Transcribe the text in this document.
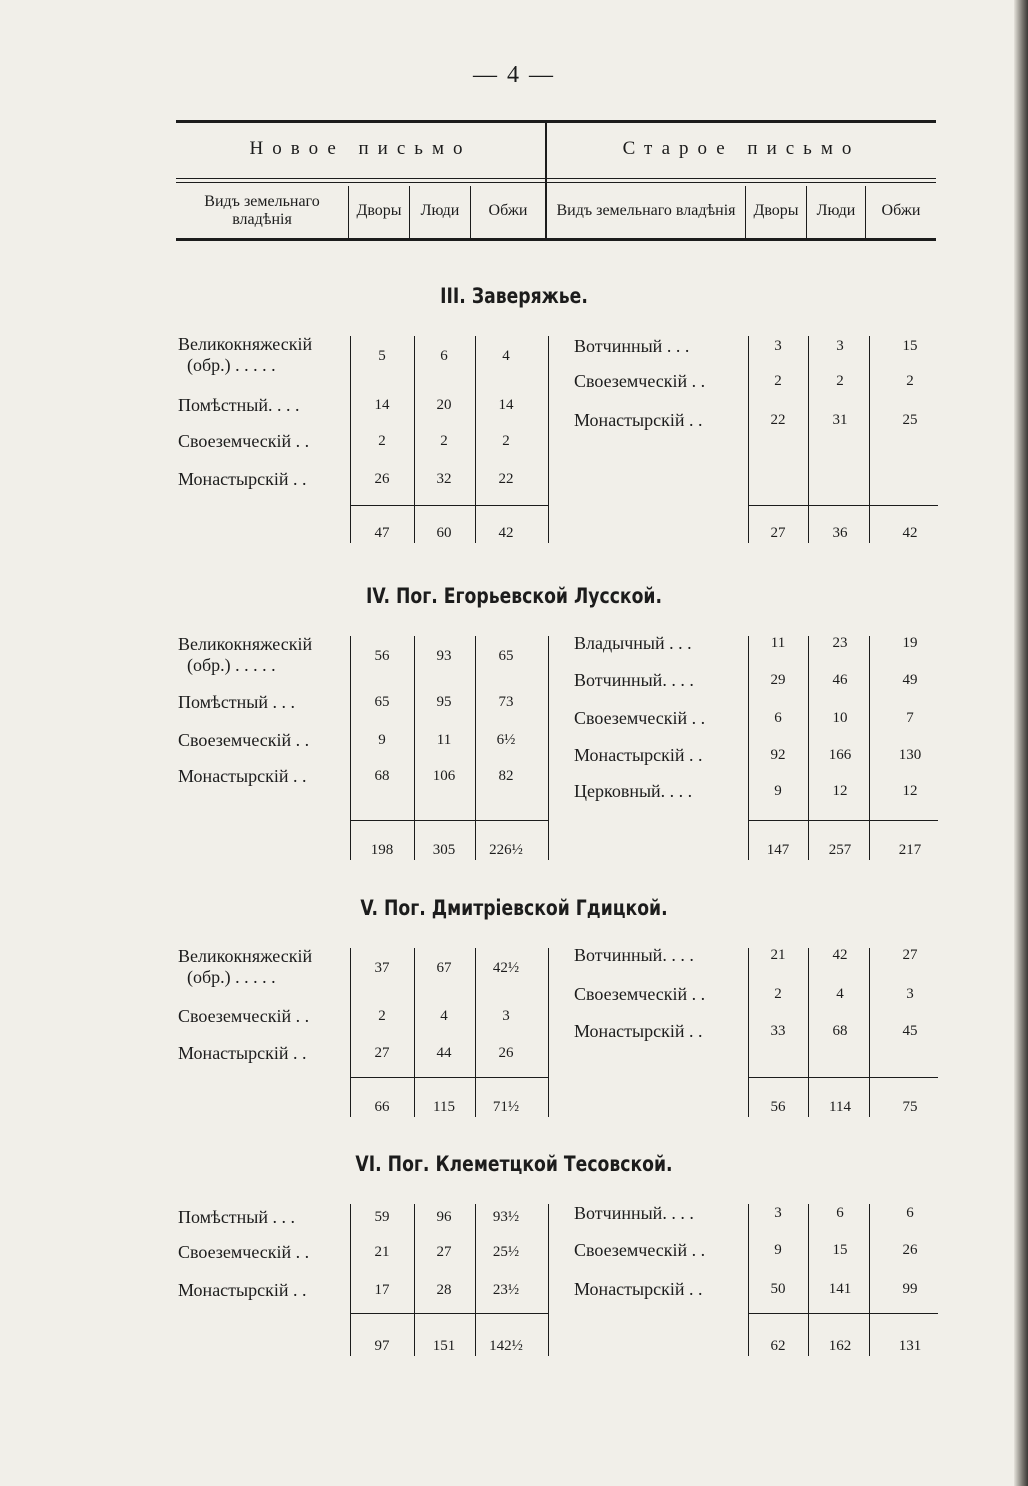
— 4 —
Новое письмо	Старое письмо
Видъ земельнаго владѣнія
Дворы	Люди	Обжи	Видъ земельнаго владѣнія	Дворы	Люди	Обжи
III. Заверяжье.
Великокняжескій
(обр.) . . . . .	5	6	4
Помѣстный. . . .	14	20	14
Своеземческій . .	2	2	2
Монастырскій . .	26	32	22
47	60	42
Вотчинный . . .	3	3	15
Своеземческій . .	2	2	2
Монастырскій . .	22	31	25
27	36	42
IV. Пог. Егорьевской Лусской.
Великокняжескій
(обр.) . . . . .	56	93	65
Помѣстный . . .	65	95	73
Своеземческій . .	9	11	6½
Монастырскій . .	68	106	82
198	305	226½
Владычный . . .	11	23	19
Вотчинный. . . .	29	46	49
Своеземческій . .	6	10	7
Монастырскій . .	92	166	130
Церковный. . . .	9	12	12
147	257	217
V. Пог. Дмитріевской Гдицкой.
Великокняжескій
(обр.) . . . . .	37	67	42½
Своеземческій . .	2	4	3
Монастырскій . .	27	44	26
66	115	71½
Вотчинный. . . .	21	42	27
Своеземческій . .	2	4	3
Монастырскій . .	33	68	45
56	114	75
VI. Пог. Клеметцкой Тесовской.
Помѣстный . . .	59	96	93½
Своеземческій . .	21	27	25½
Монастырскій . .	17	28	23½
97	151	142½
Вотчинный. . . .	3	6	6
Своеземческій . .	9	15	26
Монастырскій . .	50	141	99
62	162	131
